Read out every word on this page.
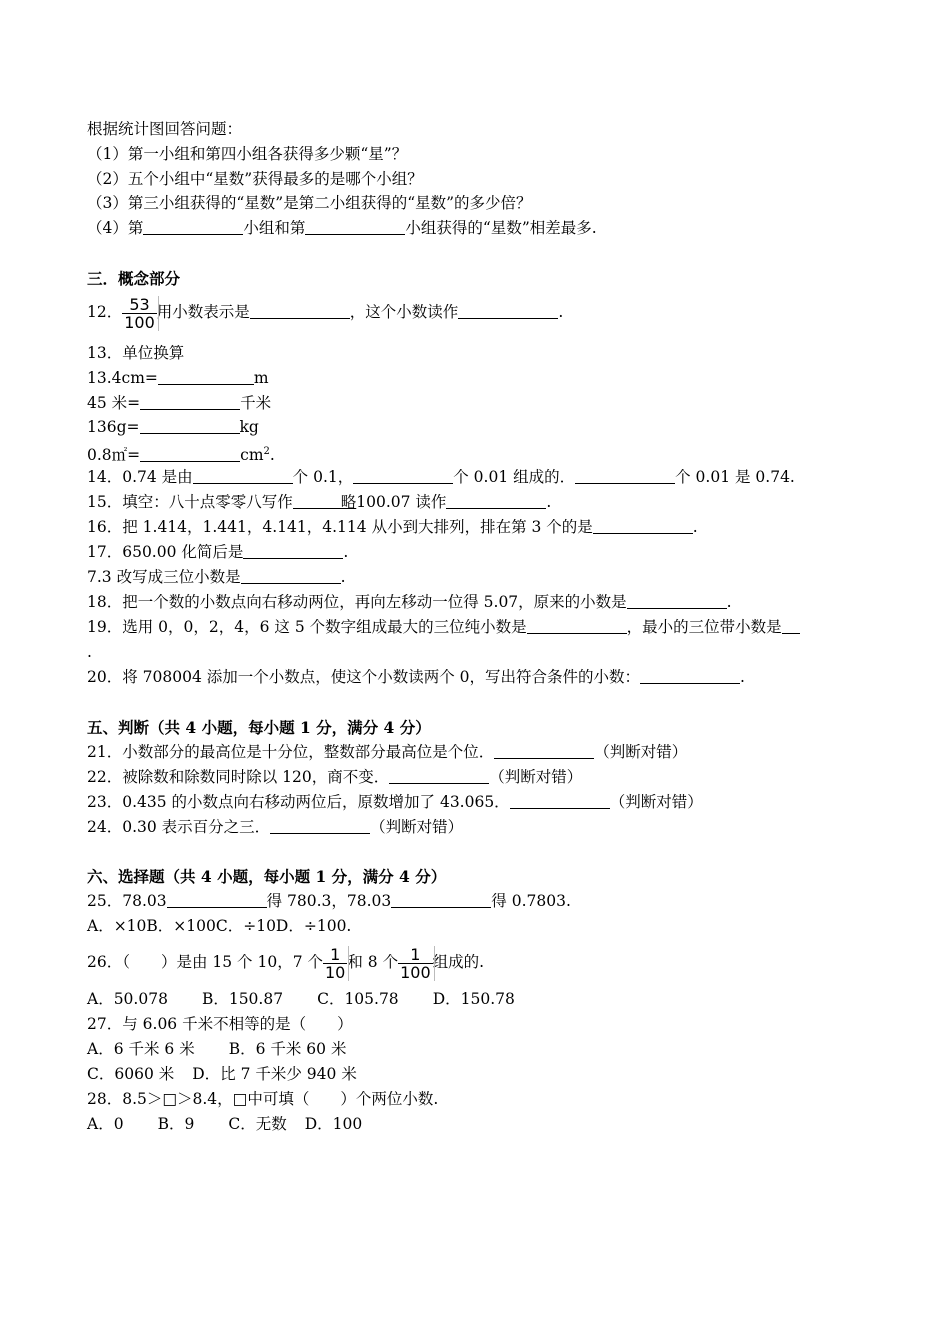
根据统计图回答问题：
（1）第一小组和第四小组各获得多少颗“星”？
（2）五个小组中“星数”获得最多的是哪个小组？
（3）第三小组获得的“星数”是第二小组获得的“星数”的多少倍？
（4）第	小组和第	小组获得的“星数”相差最多.
三．概念部分
12． $\frac{53}{100}$ 用小数表示是	，这个小数读作	.
13．单位换算
13.4cm=	m
45 米=	千米
136g=	kg
0.8㎡=	$cm^2$.
14．0.74 是由	个 0.1，	个 0.01 组成的．	个 0.01 是 0.74.
15．填空：八十点零零八写作	略100.07 读作	.
16．把 1.414，1.441，4.141，4.114 从小到大排列，排在第 3 个的是	.
17．650.00 化简后是	.
7.3 改写成三位小数是	.
18．把一个数的小数点向右移动两位，再向左移动一位得 5.07，原来的小数是	.
19．选用 0，0，2，4，6 这 5 个数字组成最大的三位纯小数是	，最小的三位带小数是
.
20．将 708004 添加一个小数点，使这个小数读两个 0，写出符合条件的小数：	.
五、判断（共 4 小题，每小题 1 分，满分 4 分）
21．小数部分的最高位是十分位，整数部分最高位是个位．	（判断对错）
22．被除数和除数同时除以 120，商不变．	（判断对错）
23．0.435 的小数点向右移动两位后，原数增加了 43.065．	（判断对错）
24．0.30 表示百分之三．	（判断对错）
六、选择题（共 4 小题，每小题 1 分，满分 4 分）
25．78.03	得 780.3，78.03	得 0.7803.
A．×10B．×100C．÷10D．÷100.
26．（　　）是由 15 个 10，7 个 $\frac{1}{10}$ 和 8 个 $\frac{1}{100}$ 组成的.
A．50.078 B．150.87 C．105.78 D．150.78
27．与 6.06 千米不相等的是（　　）
A．6 千米 6 米 B．6 千米 60 米
C．6060 米 D．比 7 千米少 940 米
28．8.5＞□＞8.4，□中可填（　　）个两位小数.
A．0 B．9 C．无数 D．100
